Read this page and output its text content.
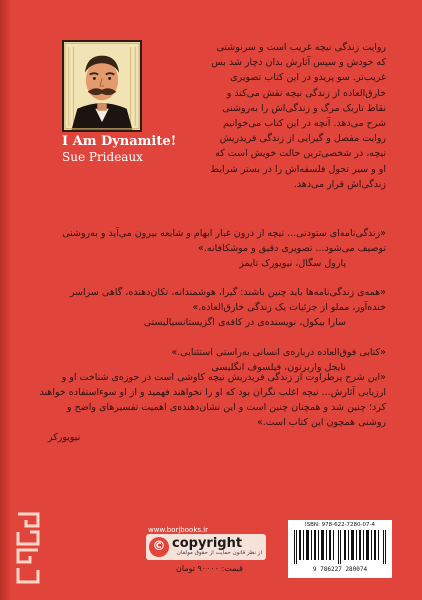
I Am Dynamite!
Sue Prideaux
روایت زندگی نیچه غریب است و سرنوشتی که خودش و سپس آثارش بدان دچار شد بس غریب‌تر. سو پریدو در این کتاب تصویری خارق‌العاده از زندگی نیچه نقش می‌کند و نقاط تاریک مرگ و زندگی‌اش را به‌روشنی شرح می‌دهد. آنچه در این کتاب می‌خوانیم روایت مفصل و گیرایی از زندگی فریدریش نیچه، در شخصی‌ترین حالت خویش است که او و سیر تحول فلسفه‌اش را در بستر شرایط زندگی‌اش قرار می‌دهد.
«زندگی‌نامه‌ای ستودنی... نیچه از درون غبار ابهام و شایعه بیرون می‌آید و به‌روشنی توصیف می‌شود... تصویری دقیق و موشکافانه.»
پارول سگال، نیویورک تایمز
«همه‌ی زندگی‌نامه‌ها باید چنین باشند: گیرا، هوشمندانه، تکان‌دهنده، گاهی سراسر خنده‌آور، مملو از جزئیات یک زندگی خارق‌العاده.»
سارا بیکول، نویسنده‌ی در کافه‌ی اگزیستانسیالیستی
«کتابی فوق‌العاده درباره‌ی انسانی به‌راستی استثنایی.»
نایجل واربرتون، فیلسوف انگلیسی
«این شرح پرطراوت از زندگی فریدریش نیچه کاوشی است در حوزه‌ی شناخت او و ارزیابی آثارش... نیچه اغلب نگران بود که او را نخواهند فهمید و از او سوءاستفاده خواهند کرد؛ چنین شد و همچنان چنین است و این نشان‌دهنده‌ی اهمیت تفسیرهای واضح و روشنی همچون این کتاب است.»
نیویورکر
www.borjbooks.ir
© copyright
از نظر قانون حمایت از حقوق مولفان
قیمت: ۹۰۰۰۰ تومان
ISBN: 978-622-7280-07-4
9 786227 280074
